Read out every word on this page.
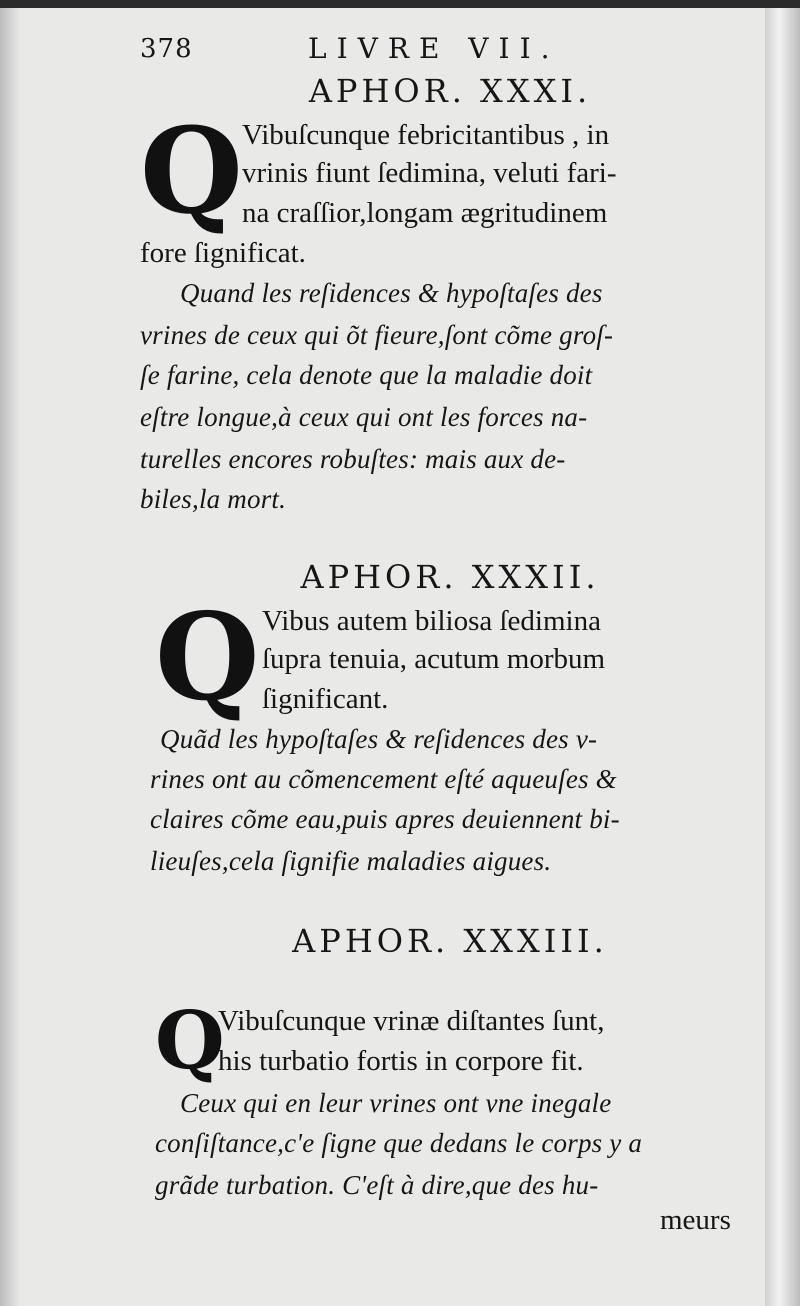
378	LIVRE VII.
APHOR. XXXI.
Q Vibuſcunque febricitantibus , in
vrinis fiunt ſedimina, veluti fari-
na craſſior,longam ægritudinem
fore ſignificat.
Quand les reſidences & hypoſtaſes des
vrines de ceux qui õt fieure,ſont cõme groſ-
ſe farine, cela denote que la maladie doit
eſtre longue,à ceux qui ont les forces na-
turelles encores robuſtes: mais aux de-
biles,la mort.
APHOR. XXXII.
Q Vibus autem biliosa ſedimina
ſupra tenuia, acutum morbum
ſignificant.
Quãd les hypoſtaſes & reſidences des v-
rines ont au cõmencement eſté aqueuſes &
claires cõme eau,puis apres deuiennent bi-
lieuſes,cela ſignifie maladies aigues.
APHOR. XXXIII.
Q
Vibuſcunque vrinæ diſtantes ſunt,
his turbatio fortis in corpore fit.
Ceux qui en leur vrines ont vne inegale
conſiſtance,c'e ſigne que dedans le corps y a
grãde turbation. C'eſt à dire,que des hu-
meurs
